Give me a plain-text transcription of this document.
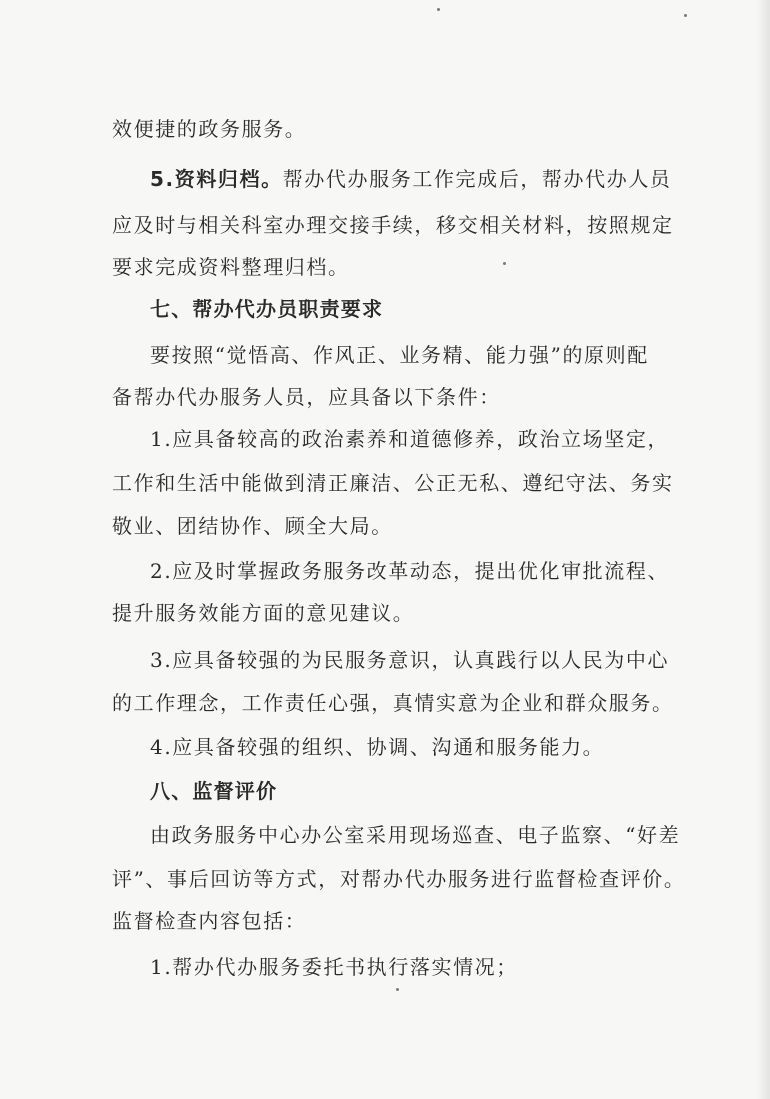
效便捷的政务服务。
5.资料归档。帮办代办服务工作完成后，帮办代办人员
应及时与相关科室办理交接手续，移交相关材料，按照规定
要求完成资料整理归档。
七、帮办代办员职责要求
要按照“觉悟高、作风正、业务精、能力强”的原则配
备帮办代办服务人员，应具备以下条件：
1.应具备较高的政治素养和道德修养，政治立场坚定，
工作和生活中能做到清正廉洁、公正无私、遵纪守法、务实
敬业、团结协作、顾全大局。
2.应及时掌握政务服务改革动态，提出优化审批流程、
提升服务效能方面的意见建议。
3.应具备较强的为民服务意识，认真践行以人民为中心
的工作理念，工作责任心强，真情实意为企业和群众服务。
4.应具备较强的组织、协调、沟通和服务能力。
八、监督评价
由政务服务中心办公室采用现场巡查、电子监察、“好差
评”、事后回访等方式，对帮办代办服务进行监督检查评价。
监督检查内容包括：
1.帮办代办服务委托书执行落实情况；
